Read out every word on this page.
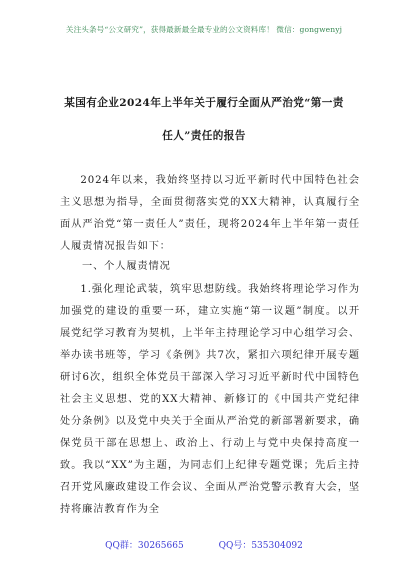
关注头条号“公文研究”，获得最新最全最专业的公文资料库！ 微信：gongwenyj
某国有企业2024年上半年关于履行全面从严治党“第一责
任人”责任的报告
2024年以来，我始终坚持以习近平新时代中国特色社会主义思想为指导，全面贯彻落实党的XX大精神，认真履行全面从严治党“第一责任人”责任，现将2024年上半年第一责任人履责情况报告如下：
一、个人履责情况
1.强化理论武装，筑牢思想防线。我始终将理论学习作为加强党的建设的重要一环，建立实施“第一议题”制度。以开展党纪学习教育为契机，上半年主持理论学习中心组学习会、举办读书班等，学习《条例》共7次，紧扣六项纪律开展专题研讨6次，组织全体党员干部深入学习习近平新时代中国特色社会主义思想、党的XX大精神、新修订的《中国共产党纪律处分条例》以及党中央关于全面从严治党的新部署新要求，确保党员干部在思想上、政治上、行动上与党中央保持高度一致。我以“XX”为主题，为同志们上纪律专题党课；先后主持召开党风廉政建设工作会议、全面从严治党警示教育大会，坚持将廉洁教育作为全
QQ群：30265665	QQ号：535304092
